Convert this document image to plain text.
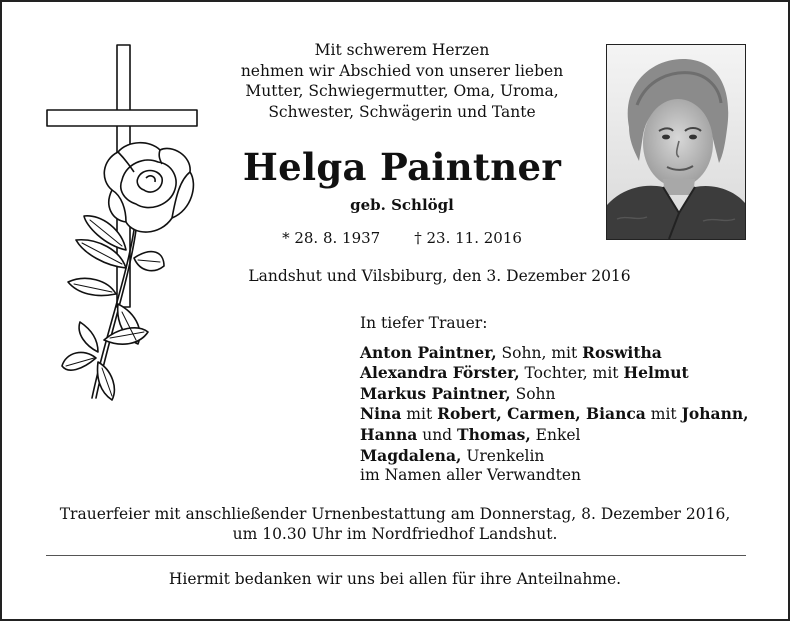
Mit schwerem Herzen
nehmen wir Abschied von unserer lieben
Mutter, Schwiegermutter, Oma, Uroma,
Schwester, Schwägerin und Tante
Helga Paintner
geb. Schlögl
* 28. 8. 1937 † 23. 11. 2016
Landshut und Vilsbiburg, den 3. Dezember 2016
In tiefer Trauer:
Anton Paintner, Sohn, mit Roswitha
Alexandra Förster, Tochter, mit Helmut
Markus Paintner, Sohn
Nina mit Robert, Carmen, Bianca mit Johann,
Hanna und Thomas, Enkel
Magdalena, Urenkelin
im Namen aller Verwandten
Trauerfeier mit anschließender Urnenbestattung am Donnerstag, 8. Dezember 2016,
um 10.30 Uhr im Nordfriedhof Landshut.
Hiermit bedanken wir uns bei allen für ihre Anteilnahme.
